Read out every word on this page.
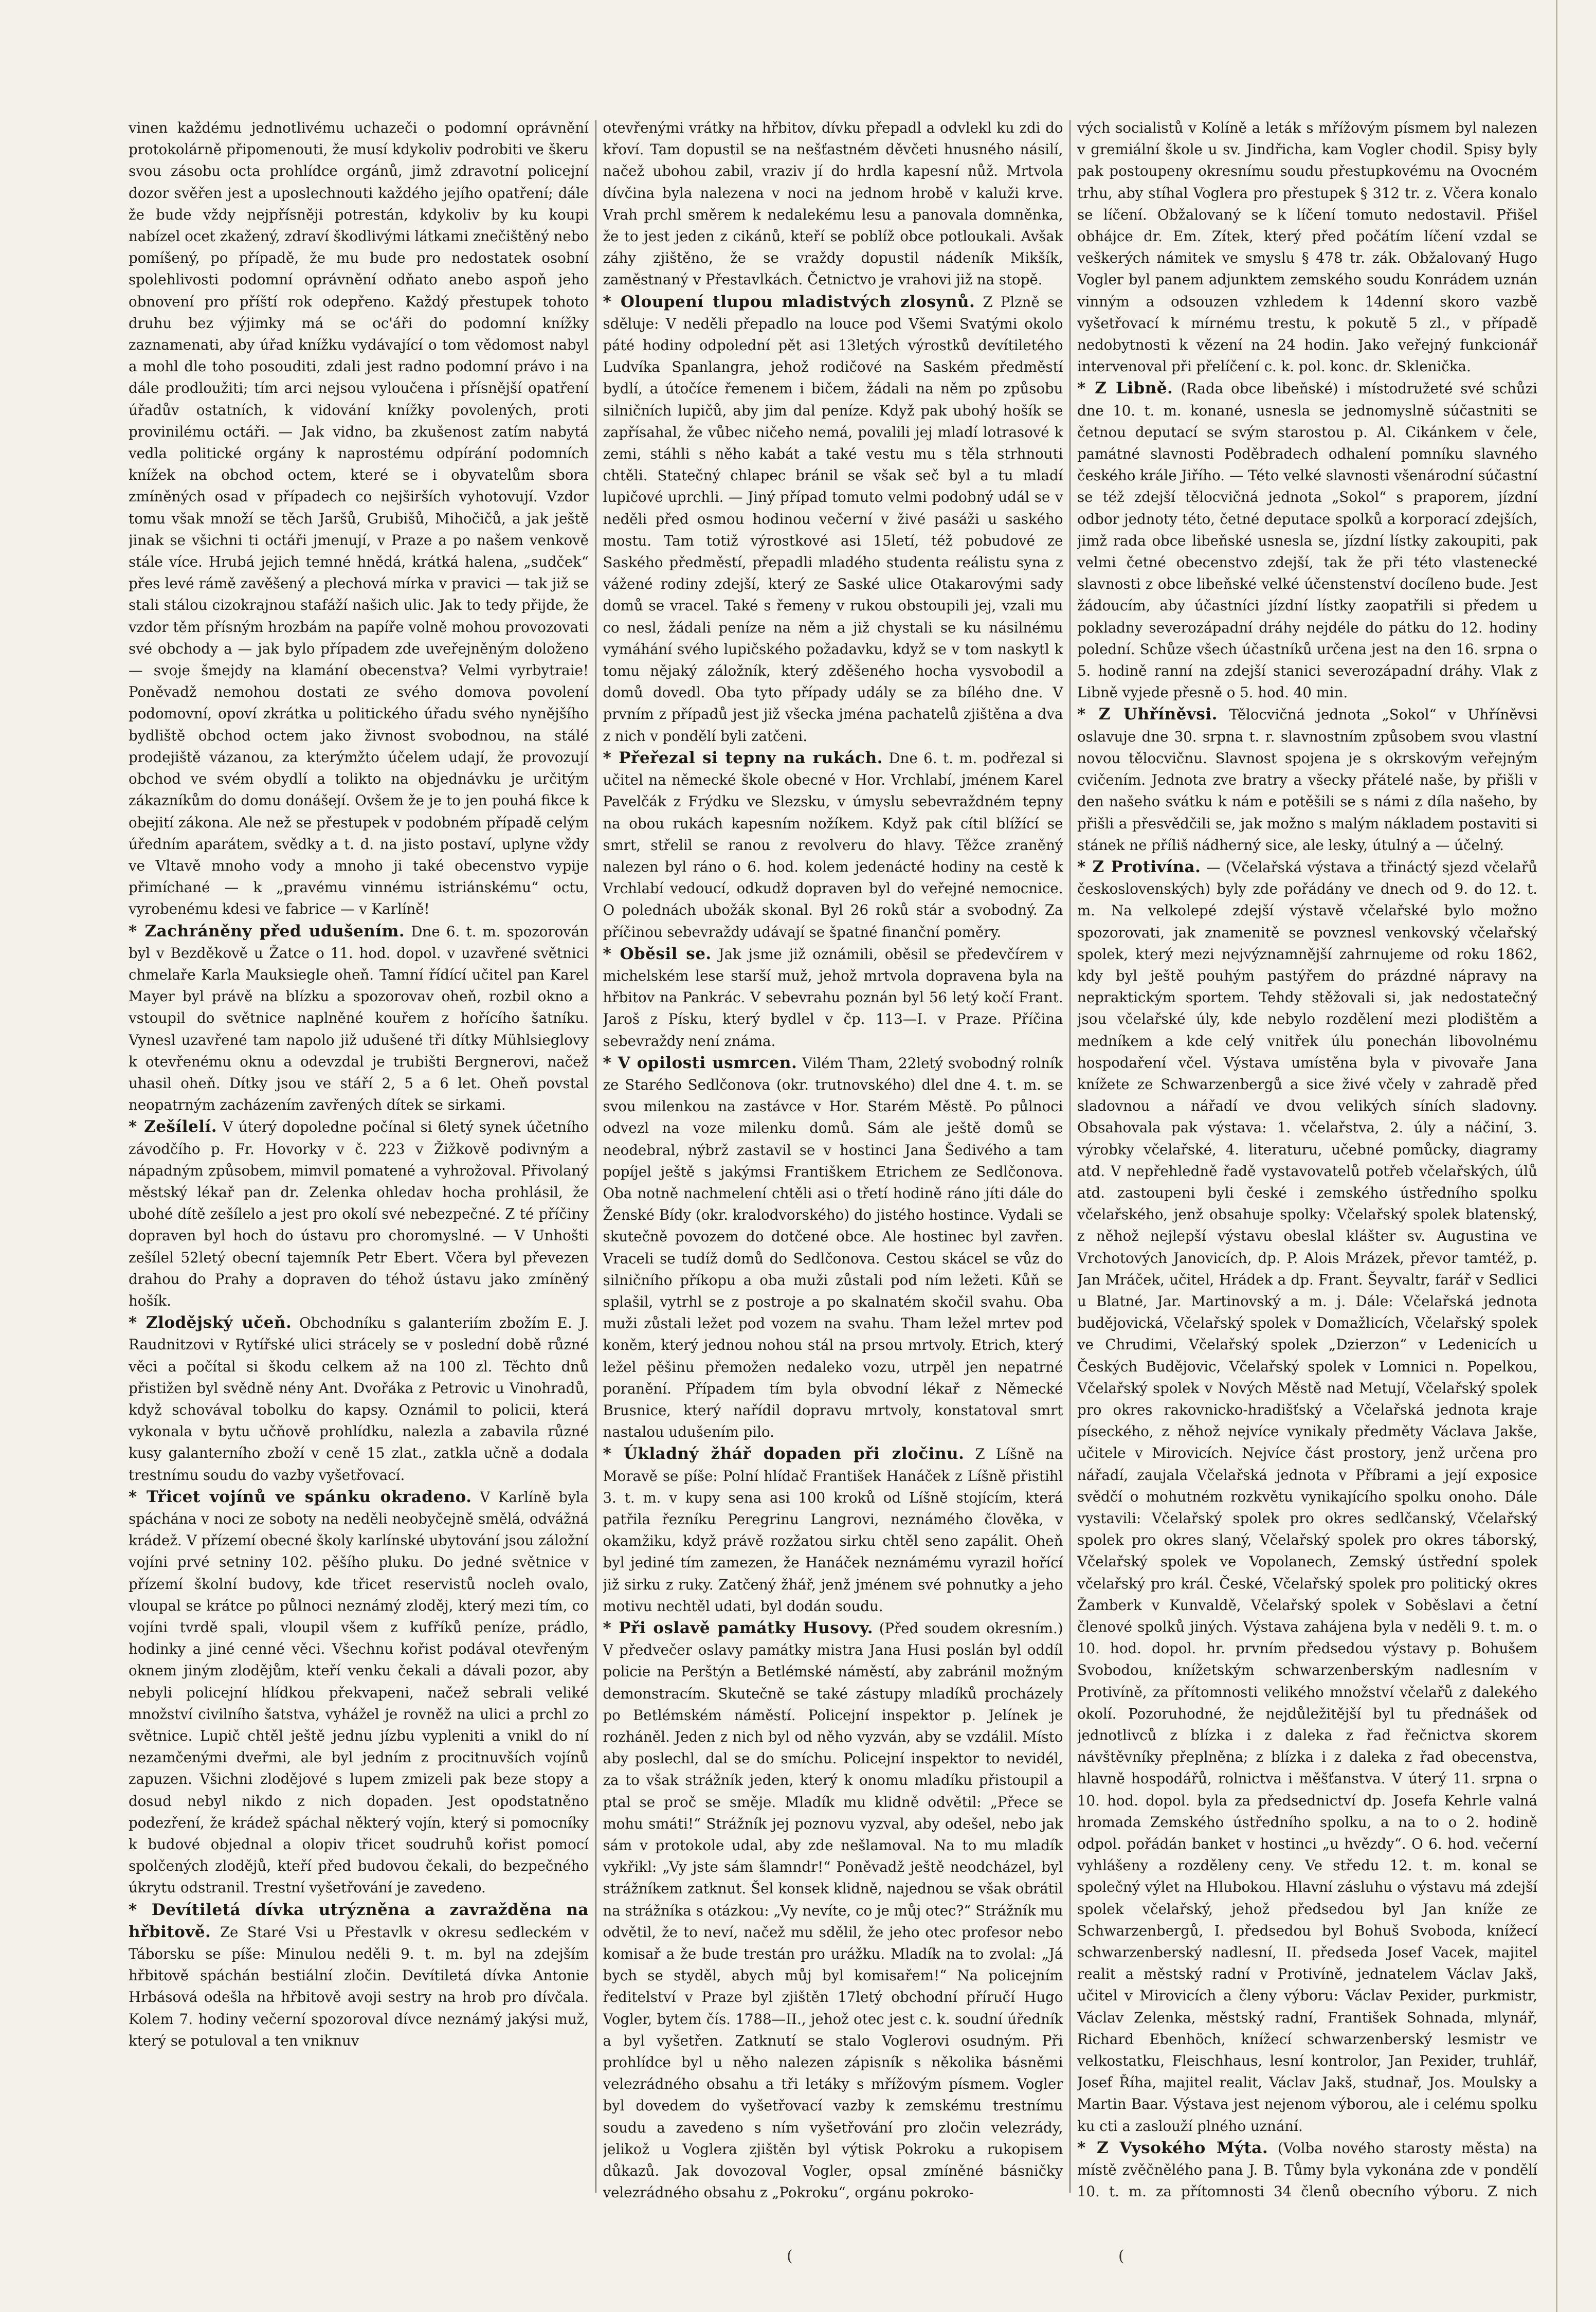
vinen každému jednotlivému uchazeči o podomní oprávnění protokolárně připomenouti, že musí kdykoliv podrobiti ve škeru svou zásobu octa prohlídce orgánů, jimž zdravotní policejní dozor svěřen jest a uposlechnouti každého jejího opatření; dále že bude vždy nejpřísněji potrestán, kdykoliv by ku koupi nabízel ocet zkažený, zdraví škodlivými látkami znečištěný nebo pomíšený, po případě, že mu bude pro nedostatek osobní spolehlivosti podomní oprávnění odňato anebo aspoň jeho obnovení pro příští rok odepřeno. Každý přestupek tohoto druhu bez výjimky má se oc'áři do podomní knížky zaznamenati, aby úřad knížku vydávající o tom vědomost nabyl a mohl dle toho posouditi, zdali jest radno podomní právo i na dále prodloužiti; tím arci nejsou vyloučena i přísnější opatření úřadův ostatních, k vidování knížky povolených, proti provinilému octáři. — Jak vidno, ba zkušenost zatím nabytá vedla politické orgány k naprostému odpírání podomních knížek na obchod octem, které se i obyvatelům sbora zmíněných osad v případech co nejširších vyhotovují. Vzdor tomu však množí se těch Jaršů, Grubišů, Mihočičů, a jak ještě jinak se všichni ti octáři jmenují, v Praze a po našem venkově stále více. Hrubá jejich temné hnědá, krátká halena, „sudček“ přes levé rámě zavěšený a plechová mírka v pravici — tak již se stali stálou cizokrajnou stafáží našich ulic. Jak to tedy přijde, že vzdor těm přísným hrozbám na papíře volně mohou provozovati své obchody a — jak bylo případem zde uveřejněným doloženo — svoje šmejdy na klamání obecenstva? Velmi vyrbytraie! Poněvadž nemohou dostati ze svého domova povolení podomovní, opoví zkrátka u politického úřadu svého nynějšího bydliště obchod octem jako živnost svobodnou, na stálé prodejiště vázanou, za kterýmžto účelem udají, že provozují obchod ve svém obydlí a tolikto na objednávku je určitým zákazníkům do domu donášejí. Ovšem že je to jen pouhá fikce k obejití zákona. Ale než se přestupek v podobném případě celým úředním aparátem, svědky a t. d. na jisto postaví, uplyne vždy ve Vltavě mnoho vody a mnoho ji také obecenstvo vypije přimíchané — k „pravému vinnému istriánskému“ octu, vyrobenému kdesi ve fabrice — v Karlíně!

* Zachráněny před udušením. Dne 6. t. m. spozorován byl v Bezděkově u Žatce o 11. hod. dopol. v uzavřené světnici chmelaře Karla Mauksiegle oheň. Tamní řídící učitel pan Karel Mayer byl právě na blízku a spozorovav oheň, rozbil okno a vstoupil do světnice naplněné kouřem z hořícího šatníku. Vynesl uzavřené tam napolo již udušené tři dítky Mühlsieglovy k otevřenému oknu a odevzdal je trubišti Bergnerovi, načež uhasil oheň. Dítky jsou ve stáří 2, 5 a 6 let. Oheň povstal neopatrným zacházením zavřených dítek se sirkami.

* Zešílelí. V úterý dopoledne počínal si 6letý synek účetního závodčího p. Fr. Hovorky v č. 223 v Žižkově podivným a nápadným způsobem, mimvil pomatené a vyhrožoval. Přivolaný městský lékař pan dr. Zelenka ohledav hocha prohlásil, že ubohé dítě zešílelo a jest pro okolí své nebezpečné. Z té příčiny dopraven byl hoch do ústavu pro choromyslné. — V Unhošti zešílel 52letý obecní tajemník Petr Ebert. Včera byl převezen drahou do Prahy a dopraven do téhož ústavu jako zmíněný hošík.

* Zlodějský učeň. Obchodníku s galanteriím zbožím E. J. Raudnitzovi v Rytířské ulici strácely se v poslední době různé věci a počítal si škodu celkem až na 100 zl. Těchto dnů přistižen byl svědně nény Ant. Dvořáka z Petrovic u Vinohradů, když schovával tobolku do kapsy. Oznámil to policii, která vykonala v bytu učňově prohlídku, nalezla a zabavila různé kusy galanterního zboží v ceně 15 zlat., zatkla učně a dodala trestnímu soudu do vazby vyšetřovací.

* Třicet vojínů ve spánku okradeno. V Karlíně byla spáchána v noci ze soboty na neděli neobyčejně smělá, odvážná krádež. V přízemí obecné školy karlínské ubytování jsou záložní vojíni prvé setniny 102. pěšího pluku. Do jedné světnice v přízemí školní budovy, kde třicet reservistů nocleh ovalo, vloupal se krátce po půlnoci neznámý zloděj, který mezi tím, co vojíni tvrdě spali, vloupil všem z kufříků peníze, prádlo, hodinky a jiné cenné věci. Všechnu kořist podával otevřeným oknem jiným zlodějům, kteří venku čekali a dávali pozor, aby nebyli policejní hlídkou překvapeni, načež sebrali veliké množství civilního šatstva, vyhážel je rovněž na ulici a prchl zo světnice. Lupič chtěl ještě jednu jízbu vypleniti a vnikl do ní nezamčenými dveřmi, ale byl jedním z procitnuvších vojínů zapuzen. Všichni zlodějové s lupem zmizeli pak beze stopy a dosud nebyl nikdo z nich dopaden. Jest opodstatněno podezření, že krádež spáchal některý vojín, který si pomocníky k budové objednal a olopiv třicet soudruhů kořist pomocí spolčených zlodějů, kteří před budovou čekali, do bezpečného úkrytu odstranil. Trestní vyšetřování je zavedeno.

* Devítiletá dívka utrýzněna a zavražděna na hřbitově. Ze Staré Vsi u Přestavlk v okresu sedleckém v Táborsku se píše: Minulou neděli 9. t. m. byl na zdejším hřbitově spáchán bestiální zločin. Devítiletá dívka Antonie Hrbásová odešla na hřbitově avoji sestry na hrob pro dívčala. Kolem 7. hodiny večerní spozoroval dívce neznámý jakýsi muž, který se potuloval a ten vniknuv

otevřenými vrátky na hřbitov, dívku přepadl a odvlekl ku zdi do křoví. Tam dopustil se na nešťastném děvčeti hnusného násilí, načež ubohou zabil, vraziv jí do hrdla kapesní nůž. Mrtvola dívčina byla nalezena v noci na jednom hrobě v kaluži krve. Vrah prchl směrem k nedalekému lesu a panovala domněnka, že to jest jeden z cikánů, kteří se poblíž obce potloukali. Avšak záhy zjištěno, že se vraždy dopustil nádeník Mikšík, zaměstnaný v Přestavlkách. Četnictvo je vrahovi již na stopě.

* Oloupení tlupou mladistvých zlosynů. Z Plzně se sděluje: V neděli přepadlo na louce pod Všemi Svatými okolo páté hodiny odpolední pět asi 13letých výrostků devítiletého Ludvíka Spanlangra, jehož rodičové na Saském předměstí bydlí, a útočíce řemenem i bičem, žádali na něm po způsobu silničních lupičů, aby jim dal peníze. Když pak ubohý hošík se zapřísahal, že vůbec ničeho nemá, povalili jej mladí lotrasové k zemi, stáhli s něho kabát a také vestu mu s těla strhnouti chtěli. Statečný chlapec bránil se však seč byl a tu mladí lupičové uprchli. — Jiný případ tomuto velmi podobný udál se v neděli před osmou hodinou večerní v živé pasáži u saského mostu. Tam totiž výrostkové asi 15letí, též pobudové ze Saského předměstí, přepadli mladého studenta reálistu syna z vážené rodiny zdejší, který ze Saské ulice Otakarovými sady domů se vracel. Také s řemeny v rukou obstoupili jej, vzali mu co nesl, žádali peníze na něm a již chystali se ku násilnému vymáhání svého lupičského požadavku, když se v tom naskytl k tomu nějaký záložník, který zděšeného hocha vysvobodil a domů dovedl. Oba tyto případy udály se za bílého dne. V prvním z případů jest již všecka jména pachatelů zjištěna a dva z nich v pondělí byli zatčeni.

* Přeřezal si tepny na rukách. Dne 6. t. m. podřezal si učitel na německé škole obecné v Hor. Vrchlabí, jménem Karel Pavelčák z Frýdku ve Slezsku, v úmyslu sebevraždném tepny na obou rukách kapesním nožíkem. Když pak cítil blížící se smrt, střelil se ranou z revolveru do hlavy. Těžce zraněný nalezen byl ráno o 6. hod. kolem jedenácté hodiny na cestě k Vrchlabí vedoucí, odkudž dopraven byl do veřejné nemocnice. O polednách ubožák skonal. Byl 26 roků stár a svobodný. Za příčinou sebevraždy udávají se špatné finanční poměry.

* Oběsil se. Jak jsme již oznámili, oběsil se předevčírem v michelském lese starší muž, jehož mrtvola dopravena byla na hřbitov na Pankrác. V sebevrahu poznán byl 56 letý kočí Frant. Jaroš z Písku, který bydlel v čp. 113—I. v Praze. Příčina sebevraždy není známa.

* V opilosti usmrcen. Vilém Tham, 22letý svobodný rolník ze Starého Sedlčonova (okr. trutnovského) dlel dne 4. t. m. se svou milenkou na zastávce v Hor. Starém Městě. Po půlnoci odvezl na voze milenku domů. Sám ale ještě domů se neodebral, nýbrž zastavil se v hostinci Jana Šedivého a tam popíjel ještě s jakýmsi Františkem Etrichem ze Sedlčonova. Oba notně nachmelení chtěli asi o třetí hodině ráno jíti dále do Ženské Bídy (okr. kralodvorského) do jistého hostince. Vydali se skutečně povozem do dotčené obce. Ale hostinec byl zavřen. Vraceli se tudíž domů do Sedlčonova. Cestou skácel se vůz do silničního příkopu a oba muži zůstali pod ním ležeti. Kůň se splašil, vytrhl se z postroje a po skalnatém skočil svahu. Oba muži zůstali ležet pod vozem na svahu. Tham ležel mrtev pod koněm, který jednou nohou stál na prsou mrtvoly. Etrich, který ležel pěšinu přemožen nedaleko vozu, utrpěl jen nepatrné poranění. Případem tím byla obvodní lékař z Německé Brusnice, který nařídil dopravu mrtvoly, konstatoval smrt nastalou udušením pilo.

* Úkladný žhář dopaden při zločinu. Z Líšně na Moravě se píše: Polní hlídač František Hanáček z Líšně přistihl 3. t. m. v kupy sena asi 100 kroků od Líšně stojícím, která patřila řezníku Peregrinu Langrovi, neznámého člověka, v okamžiku, když právě rozžatou sirku chtěl seno zapálit. Oheň byl jediné tím zamezen, že Hanáček neznámému vyrazil hořící již sirku z ruky. Zatčený žhář, jenž jménem své pohnutky a jeho motivu nechtěl udati, byl dodán soudu.

* Při oslavě památky Husovy. (Před soudem okresním.) V předvečer oslavy památky mistra Jana Husi poslán byl oddíl policie na Perštýn a Betlémské náměstí, aby zabránil možným demonstracím. Skutečně se také zástupy mladíků procházely po Betlémském náměstí. Policejní inspektor p. Jelínek je rozháněl. Jeden z nich byl od něho vyzván, aby se vzdálil. Místo aby poslechl, dal se do smíchu. Policejní inspektor to nevidél, za to však strážník jeden, který k onomu mladíku přistoupil a ptal se proč se směje. Mladík mu klidně odvětil: „Přece se mohu smáti!“ Strážník jej poznovu vyzval, aby odešel, nebo jak sám v protokole udal, aby zde nešlamoval. Na to mu mladík vykřikl: „Vy jste sám šlamndr!“ Poněvadž ještě neodcházel, byl strážníkem zatknut. Šel konsek klidně, najednou se však obrátil na strážníka s otázkou: „Vy nevíte, co je můj otec?“ Strážník mu odvětil, že to neví, načež mu sdělil, že jeho otec profesor nebo komisař a že bude trestán pro urážku. Mladík na to zvolal: „Já bych se styděl, abych můj byl komisařem!“ Na policejním ředitelství v Praze byl zjištěn 17letý obchodní příručí Hugo Vogler, bytem čís. 1788—II., jehož otec jest c. k. soudní úředník a byl vyšetřen. Zatknutí se stalo Voglerovi osudným. Při prohlídce byl u něho nalezen zápisník s několika básněmi velezrádného obsahu a tři letáky s mřížovým písmem. Vogler byl dovedem do vyšetřovací vazby k zemskému trestnímu soudu a zavedeno s ním vyšetřování pro zločin velezrády, jelikož u Voglera zjištěn byl výtisk Pokroku a rukopisem důkazů. Jak dovozoval Vogler, opsal zmíněné básničky velezrádného obsahu z „Pokroku“, orgánu pokroko-

vých socialistů v Kolíně a leták s mřížovým písmem byl nalezen v gremiální škole u sv. Jindřicha, kam Vogler chodil. Spisy byly pak postoupeny okresnímu soudu přestupkovému na Ovocném trhu, aby stíhal Voglera pro přestupek § 312 tr. z. Včera konalo se líčení. Obžalovaný se k líčení tomuto nedostavil. Přišel obhájce dr. Em. Zítek, který před počátím líčení vzdal se veškerých námitek ve smyslu § 478 tr. zák. Obžalovaný Hugo Vogler byl panem adjunktem zemského soudu Konrádem uznán vinným a odsouzen vzhledem k 14denní skoro vazbě vyšetřovací k mírnému trestu, k pokutě 5 zl., v případě nedobytnosti k vězení na 24 hodin. Jako veřejný funkcionář intervenoval při přelíčení c. k. pol. konc. dr. Sklenička.

* Z Libně. (Rada obce libeňské) i místodružeté své schůzi dne 10. t. m. konané, usnesla se jednomyslně súčastniti se četnou deputací se svým starostou p. Al. Cikánkem v čele, památné slavnosti Poděbradech odhalení pomníku slavného českého krále Jiřího. — Této velké slavnosti všenárodní súčastní se též zdejší tělocvičná jednota „Sokol“ s praporem, jízdní odbor jednoty této, četné deputace spolků a korporací zdejších, jimž rada obce libeňské usnesla se, jízdní lístky zakoupiti, pak velmi četné obecenstvo zdejší, tak že při této vlastenecké slavnosti z obce libeňské velké účenstenství docíleno bude. Jest žádoucím, aby účastníci jízdní lístky zaopatřili si předem u pokladny severozápadní dráhy nejdéle do pátku do 12. hodiny polední. Schůze všech účastníků určena jest na den 16. srpna o 5. hodině ranní na zdejší stanici severozápadní dráhy. Vlak z Libně vyjede přesně o 5. hod. 40 min.

* Z Uhříněvsi. Tělocvičná jednota „Sokol“ v Uhříněvsi oslavuje dne 30. srpna t. r. slavnostním způsobem svou vlastní novou tělocvičnu. Slavnost spojena je s okrskovým veřejným cvičením. Jednota zve bratry a všecky přátelé naše, by přišli v den našeho svátku k nám e potěšili se s námi z díla našeho, by přišli a přesvědčili se, jak možno s malým nákladem postaviti si stánek ne příliš nádherný sice, ale lesky, útulný a — účelný.

* Z Protivína. — (Včelařská výstava a třináctý sjezd včelařů československých) byly zde pořádány ve dnech od 9. do 12. t. m. Na velkolepé zdejší výstavě včelařské bylo možno spozorovati, jak znamenitě se povznesl venkovský včelařský spolek, který mezi nejvýznamnější zahrnujeme od roku 1862, kdy byl ještě pouhým pastýřem do prázdné nápravy na nepraktickým sportem. Tehdy stěžovali si, jak nedostatečný jsou včelařské úly, kde nebylo rozdělení mezi plodištěm a medníkem a kde celý vnitřek úlu ponechán libovolnému hospodaření včel. Výstava umístěna byla v pivovaře Jana knížete ze Schwarzenbergů a sice živé včely v zahradě před sladovnou a nářadí ve dvou velikých síních sladovny. Obsahovala pak výstava: 1. včelařstva, 2. úly a náčiní, 3. výrobky včelařské, 4. literaturu, učebné pomůcky, diagramy atd. V nepřehledně řadě vystavovatelů potřeb včelařských, úlů atd. zastoupeni byli české i zemského ústředního spolku včelařského, jenž obsahuje spolky: Včelařský spolek blatenský, z něhož nejlepší výstavu obeslal klášter sv. Augustina ve Vrchotových Janovicích, dp. P. Alois Mrázek, převor tamtéž, p. Jan Mráček, učitel, Hrádek a dp. Frant. Šeyvaltr, farář v Sedlici u Blatné, Jar. Martinovský a m. j. Dále: Včelařská jednota budějovická, Včelařský spolek v Domažlicích, Včelařský spolek ve Chrudimi, Včelařský spolek „Dzierzon“ v Ledenicích u Českých Budějovic, Včelařský spolek v Lomnici n. Popelkou, Včelařský spolek v Nových Městě nad Metují, Včelařský spolek pro okres rakovnicko-hradišťský a Včelařská jednota kraje píseckého, z něhož nejvíce vynikaly předměty Václava Jakše, učitele v Mirovicích. Nejvíce část prostory, jenž určena pro nářadí, zaujala Včelařská jednota v Příbrami a její exposice svědčí o mohutném rozkvětu vynikajícího spolku onoho. Dále vystavili: Včelařský spolek pro okres sedlčanský, Včelařský spolek pro okres slaný, Včelařský spolek pro okres táborský, Včelařský spolek ve Vopolanech, Zemský ústřední spolek včelařský pro král. České, Včelařský spolek pro politický okres Žamberk v Kunvaldě, Včelařský spolek v Soběslavi a četní členové spolků jiných. Výstava zahájena byla v neděli 9. t. m. o 10. hod. dopol. hr. prvním předsedou výstavy p. Bohušem Svobodou, knížetským schwarzenberským nadlesním v Protivíně, za přítomnosti velikého množství včelařů z dalekého okolí. Pozoruhodné, že nejdůležitější byl tu přednášek od jednotlivců z blízka i z daleka z řad řečnictva skorem návštěvníky přeplněna; z blízka i z daleka z řad obecenstva, hlavně hospodářů, rolnictva i měšťanstva. V úterý 11. srpna o 10. hod. dopol. byla za předsednictví dp. Josefa Kehrle valná hromada Zemského ústředního spolku, a na to o 2. hodině odpol. pořádán banket v hostinci „u hvězdy“. O 6. hod. večerní vyhlášeny a rozděleny ceny. Ve středu 12. t. m. konal se společný výlet na Hlubokou. Hlavní zásluhu o výstavu má zdejší spolek včelařský, jehož předsedou byl Jan kníže ze Schwarzenbergů, I. předsedou byl Bohuš Svoboda, knížecí schwarzenberský nadlesní, II. předseda Josef Vacek, majitel realit a městský radní v Protivíně, jednatelem Václav Jakš, učitel v Mirovicích a členy výboru: Václav Pexider, purkmistr, Václav Zelenka, městský radní, František Sohnada, mlynář, Richard Ebenhöch, knížecí schwarzenberský lesmistr ve velkostatku, Fleischhaus, lesní kontrolor, Jan Pexider, truhlář, Josef Říha, majitel realit, Václav Jakš, studnař, Jos. Moulsky a Martin Baar. Výstava jest nejenom výborou, ale i celému spolku ku cti a zaslouží plného uznání.

* Z Vysokého Mýta. (Volba nového starosty města) na místě zvěčnělého pana J. B. Tůmy byla vykonána zde v pondělí 10. t. m. za přítomnosti 34 členů obecního výboru. Z nich

(	(
